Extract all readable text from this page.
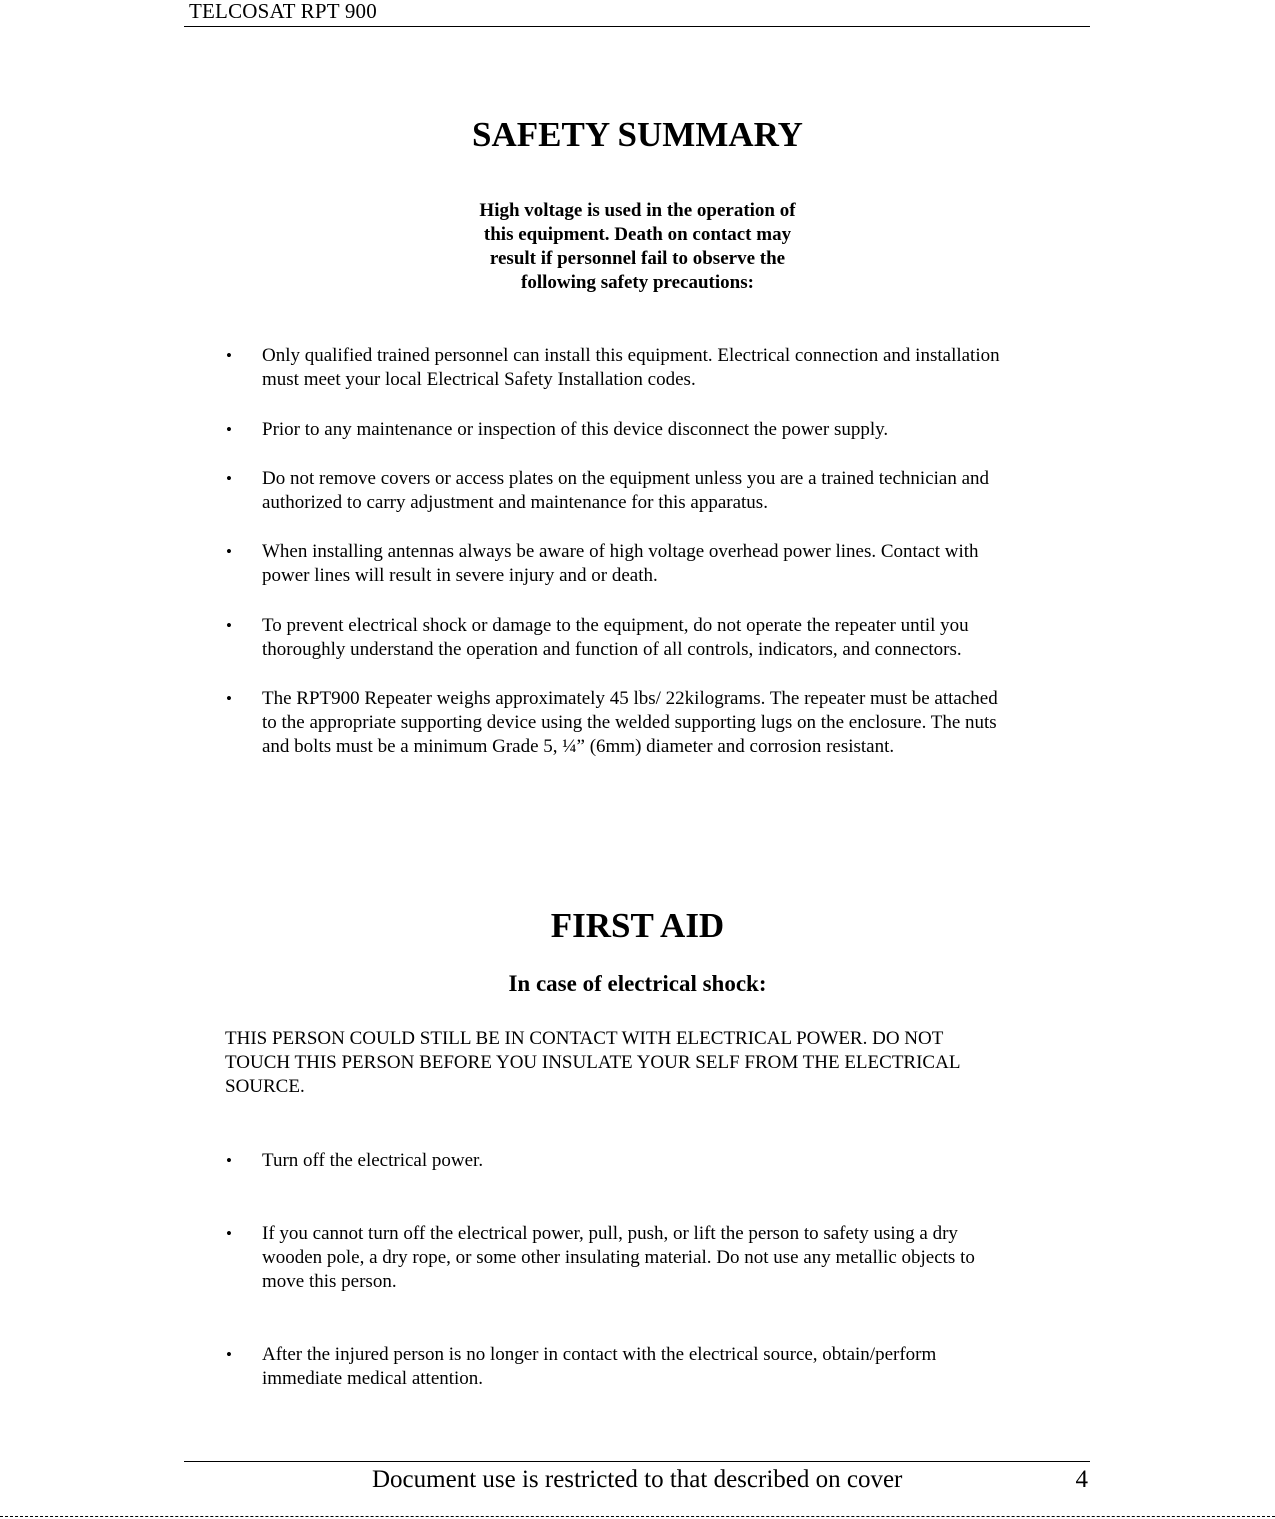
TELCOSAT RPT 900
SAFETY SUMMARY
High voltage is used in the operation of
this equipment. Death on contact may
result if personnel fail to observe the
following safety precautions:
•	Only qualified trained personnel can install this equipment. Electrical connection and installation
must meet your local Electrical Safety Installation codes.
•	Prior to any maintenance or inspection of this device disconnect the power supply.
•	Do not remove covers or access plates on the equipment unless you are a trained technician and
authorized to carry adjustment and maintenance for this apparatus.
•	When installing antennas always be aware of high voltage overhead power lines. Contact with
power lines will result in severe injury and or death.
•	To prevent electrical shock or damage to the equipment, do not operate the repeater until you
thoroughly understand the operation and function of all controls, indicators, and connectors.
•	The RPT900 Repeater weighs approximately 45 lbs/ 22kilograms. The repeater must be attached
to the appropriate supporting device using the welded supporting lugs on the enclosure. The nuts
and bolts must be a minimum Grade 5, ¼” (6mm) diameter and corrosion resistant.
FIRST AID
In case of electrical shock:
THIS PERSON COULD STILL BE IN CONTACT WITH ELECTRICAL POWER. DO NOT
TOUCH THIS PERSON BEFORE YOU INSULATE YOUR SELF FROM THE ELECTRICAL
SOURCE.
•	Turn off the electrical power.
•	If you cannot turn off the electrical power, pull, push, or lift the person to safety using a dry
wooden pole, a dry rope, or some other insulating material. Do not use any metallic objects to
move this person.
•	After the injured person is no longer in contact with the electrical source, obtain/perform
immediate medical attention.
Document use is restricted to that described on cover	4
